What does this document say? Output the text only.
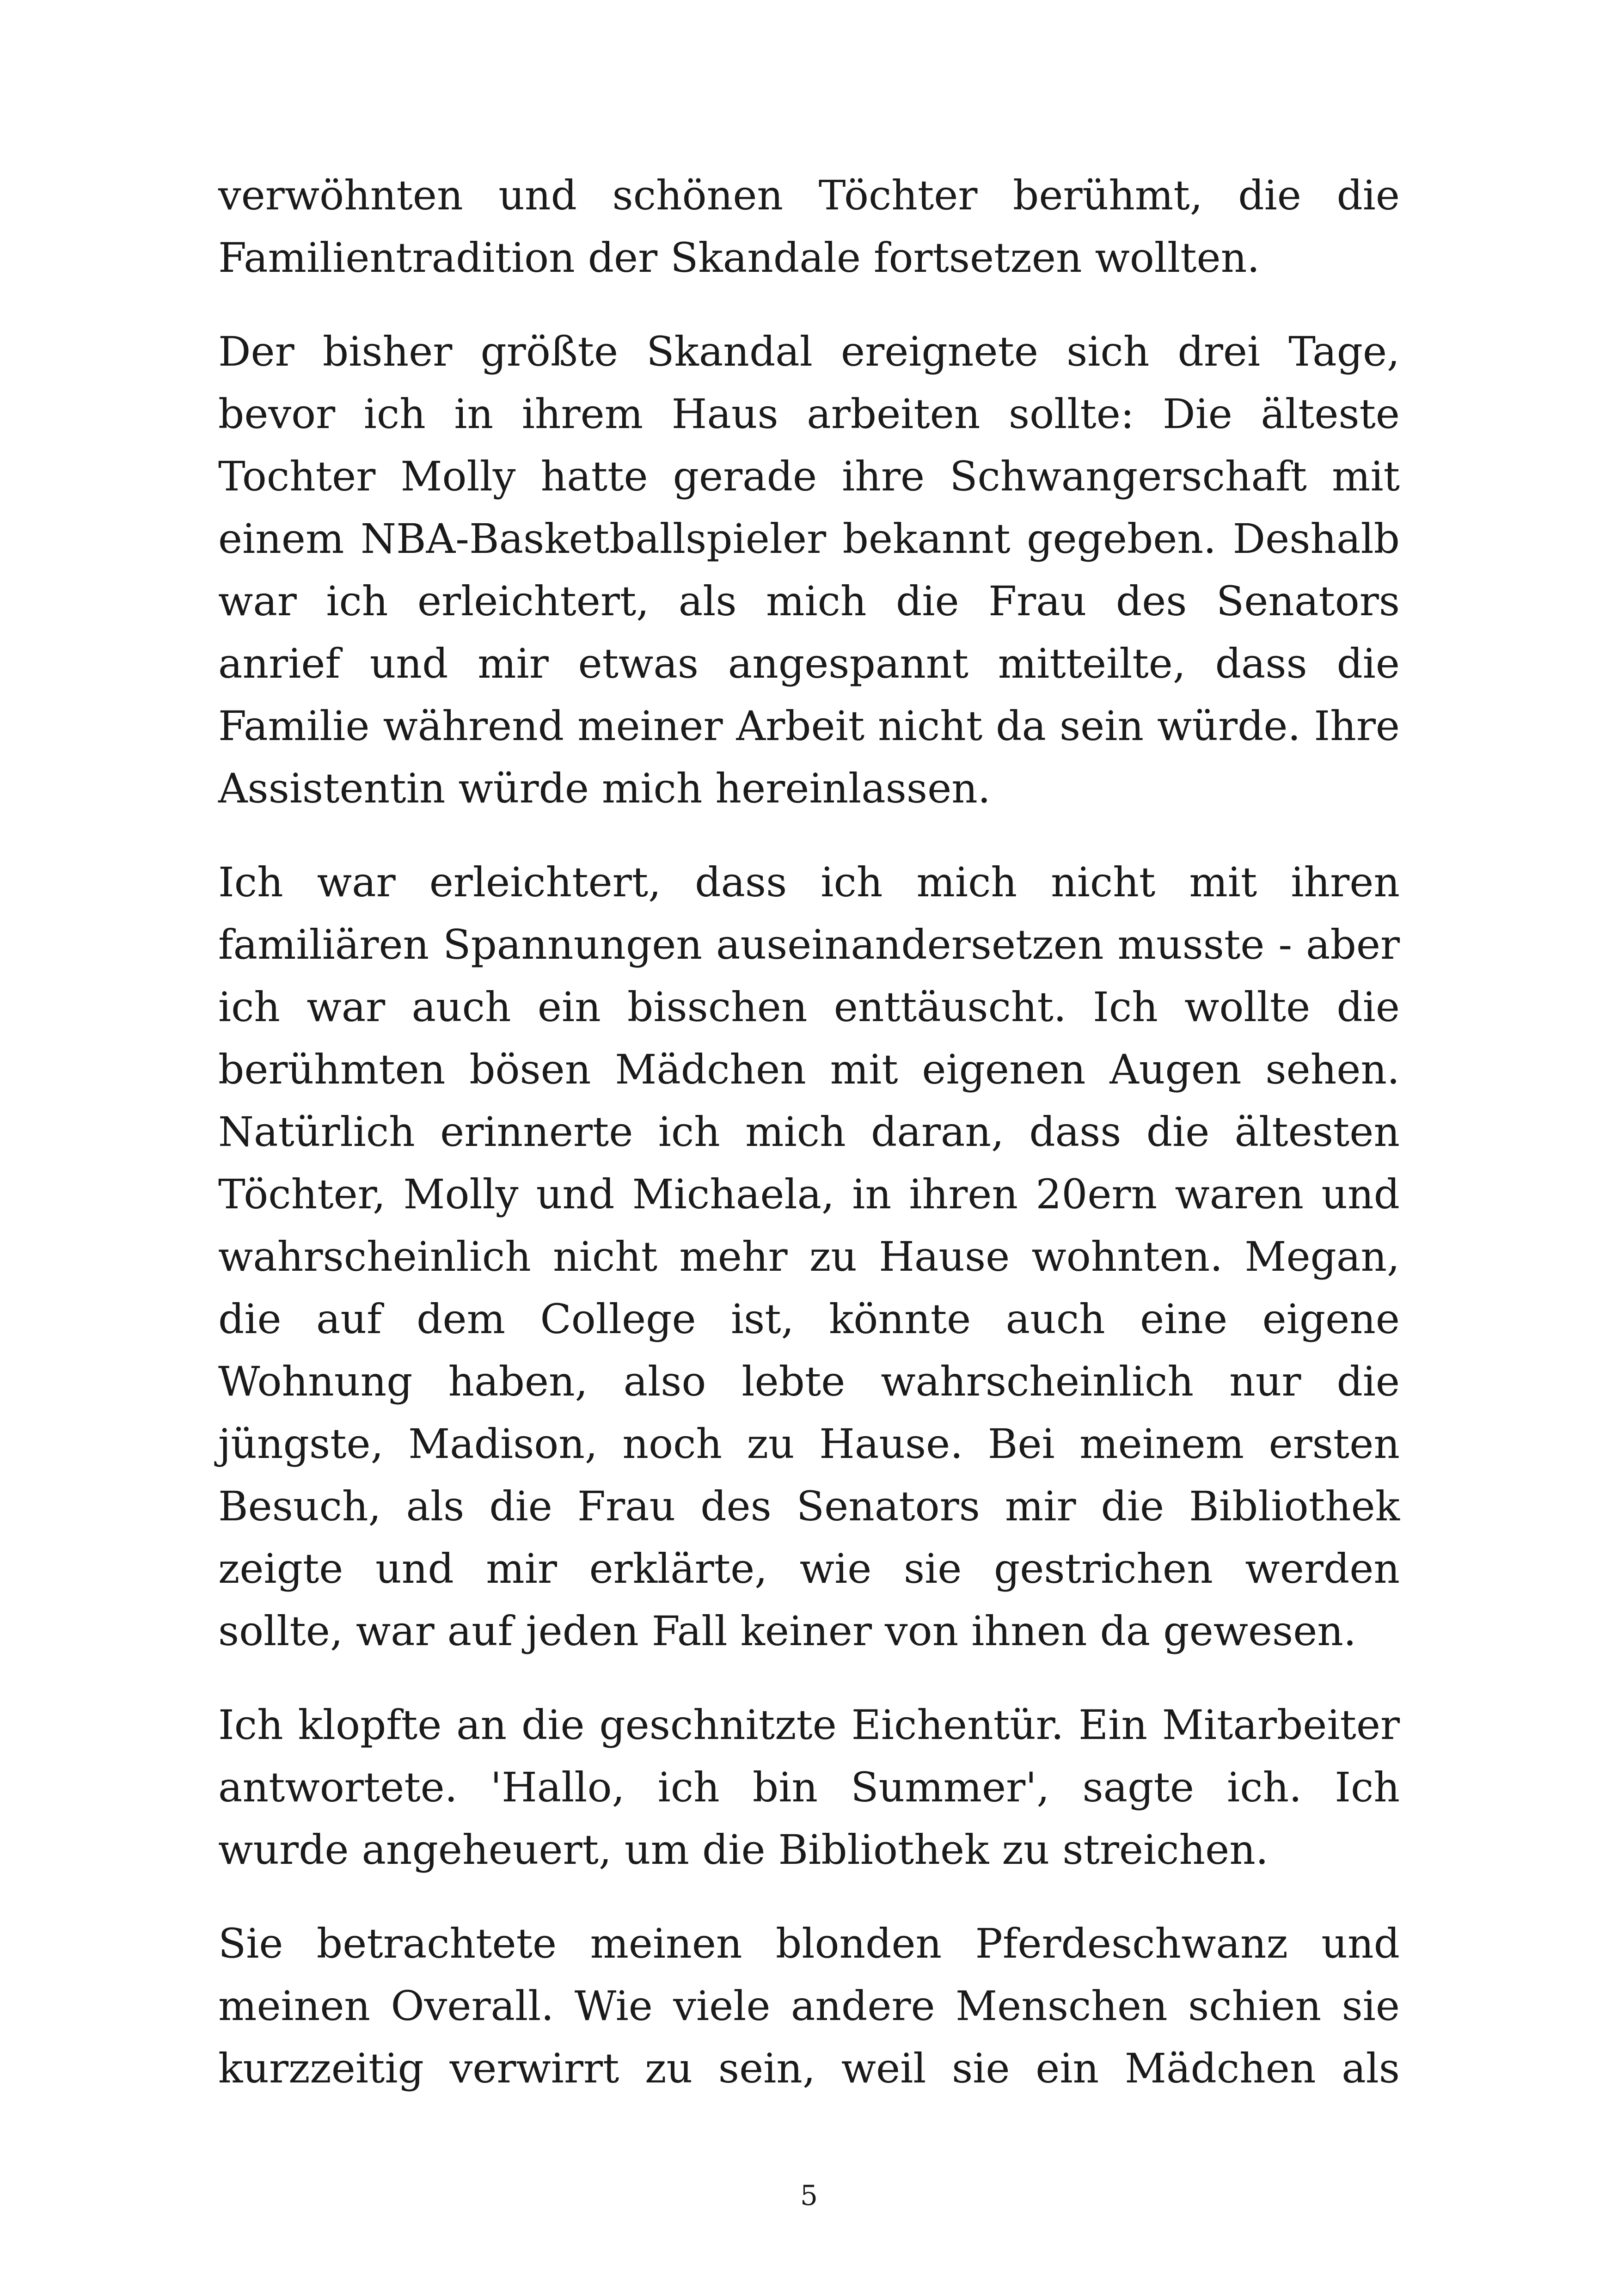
verwöhnten und schönen Töchter berühmt, die die Familientradition der Skandale fortsetzen wollten.

Der bisher größte Skandal ereignete sich drei Tage, bevor ich in ihrem Haus arbeiten sollte: Die älteste Tochter Molly hatte gerade ihre Schwangerschaft mit einem NBA-Basketballspieler bekannt gegeben. Deshalb war ich erleichtert, als mich die Frau des Senators anrief und mir etwas angespannt mitteilte, dass die Familie während meiner Arbeit nicht da sein würde. Ihre Assistentin würde mich hereinlassen.

Ich war erleichtert, dass ich mich nicht mit ihren familiären Spannungen auseinandersetzen musste - aber ich war auch ein bisschen enttäuscht. Ich wollte die berühmten bösen Mädchen mit eigenen Augen sehen. Natürlich erinnerte ich mich daran, dass die ältesten Töchter, Molly und Michaela, in ihren 20ern waren und wahrscheinlich nicht mehr zu Hause wohnten. Megan, die auf dem College ist, könnte auch eine eigene Wohnung haben, also lebte wahrscheinlich nur die jüngste, Madison, noch zu Hause. Bei meinem ersten Besuch, als die Frau des Senators mir die Bibliothek zeigte und mir erklärte, wie sie gestrichen werden sollte, war auf jeden Fall keiner von ihnen da gewesen.

Ich klopfte an die geschnitzte Eichentür. Ein Mitarbeiter antwortete. 'Hallo, ich bin Summer', sagte ich. Ich wurde angeheuert, um die Bibliothek zu streichen.

Sie betrachtete meinen blonden Pferdeschwanz und meinen Overall. Wie viele andere Menschen schien sie kurzzeitig verwirrt zu sein, weil sie ein Mädchen als

5
